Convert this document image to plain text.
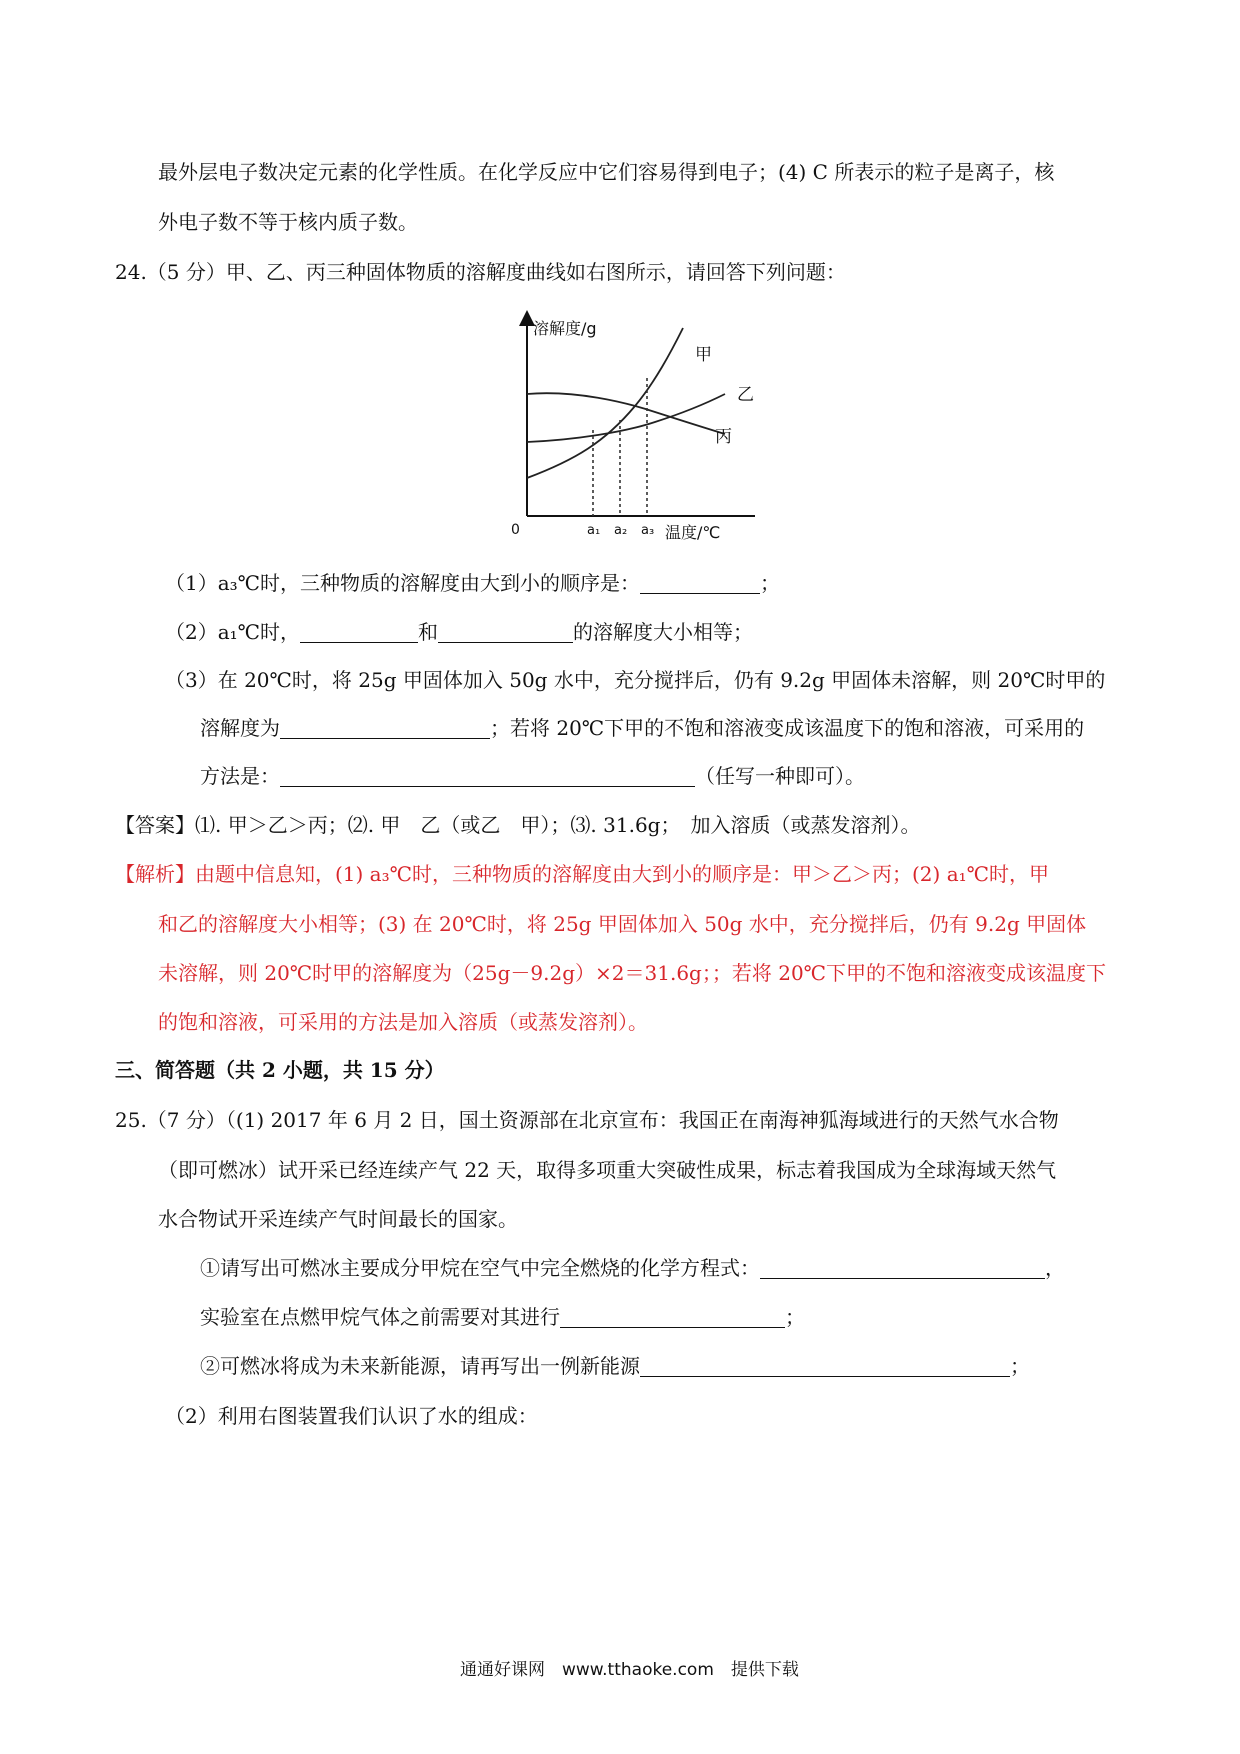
最外层电子数决定元素的化学性质。在化学反应中它们容易得到电子；(4) C 所表示的粒子是离子，核
外电子数不等于核内质子数。
24.（5 分）甲、乙、丙三种固体物质的溶解度曲线如右图所示，请回答下列问题：
溶解度/g
温度/℃
0	a₁ a₂ a₃
甲
乙
丙
（1）a₃℃时，三种物质的溶解度由大到小的顺序是：	；
（2）a₁℃时，	和	的溶解度大小相等；
（3）在 20℃时，将 25g 甲固体加入 50g 水中，充分搅拌后，仍有 9.2g 甲固体未溶解，则 20℃时甲的
溶解度为	；若将 20℃下甲的不饱和溶液变成该温度下的饱和溶液，可采用的
方法是：	（任写一种即可）。
【答案】⑴. 甲＞乙＞丙；⑵. 甲　乙（或乙　甲）；⑶. 31.6g；　加入溶质（或蒸发溶剂）。
【解析】由题中信息知，(1) a₃℃时，三种物质的溶解度由大到小的顺序是：甲＞乙＞丙；(2) a₁℃时，甲
和乙的溶解度大小相等；(3) 在 20℃时，将 25g 甲固体加入 50g 水中，充分搅拌后，仍有 9.2g 甲固体
未溶解，则 20℃时甲的溶解度为（25g－9.2g）×2＝31.6g；；若将 20℃下甲的不饱和溶液变成该温度下
的饱和溶液，可采用的方法是加入溶质（或蒸发溶剂）。
三、简答题（共 2 小题，共 15 分）
25.（7 分）（(1) 2017 年 6 月 2 日，国土资源部在北京宣布：我国正在南海神狐海域进行的天然气水合物
（即可燃冰）试开采已经连续产气 22 天，取得多项重大突破性成果，标志着我国成为全球海域天然气
水合物试开采连续产气时间最长的国家。
①请写出可燃冰主要成分甲烷在空气中完全燃烧的化学方程式：	，
实验室在点燃甲烷气体之前需要对其进行	；
②可燃冰将成为未来新能源，请再写出一例新能源	；
（2）利用右图装置我们认识了水的组成：
通通好课网　www.tthaoke.com　提供下载
